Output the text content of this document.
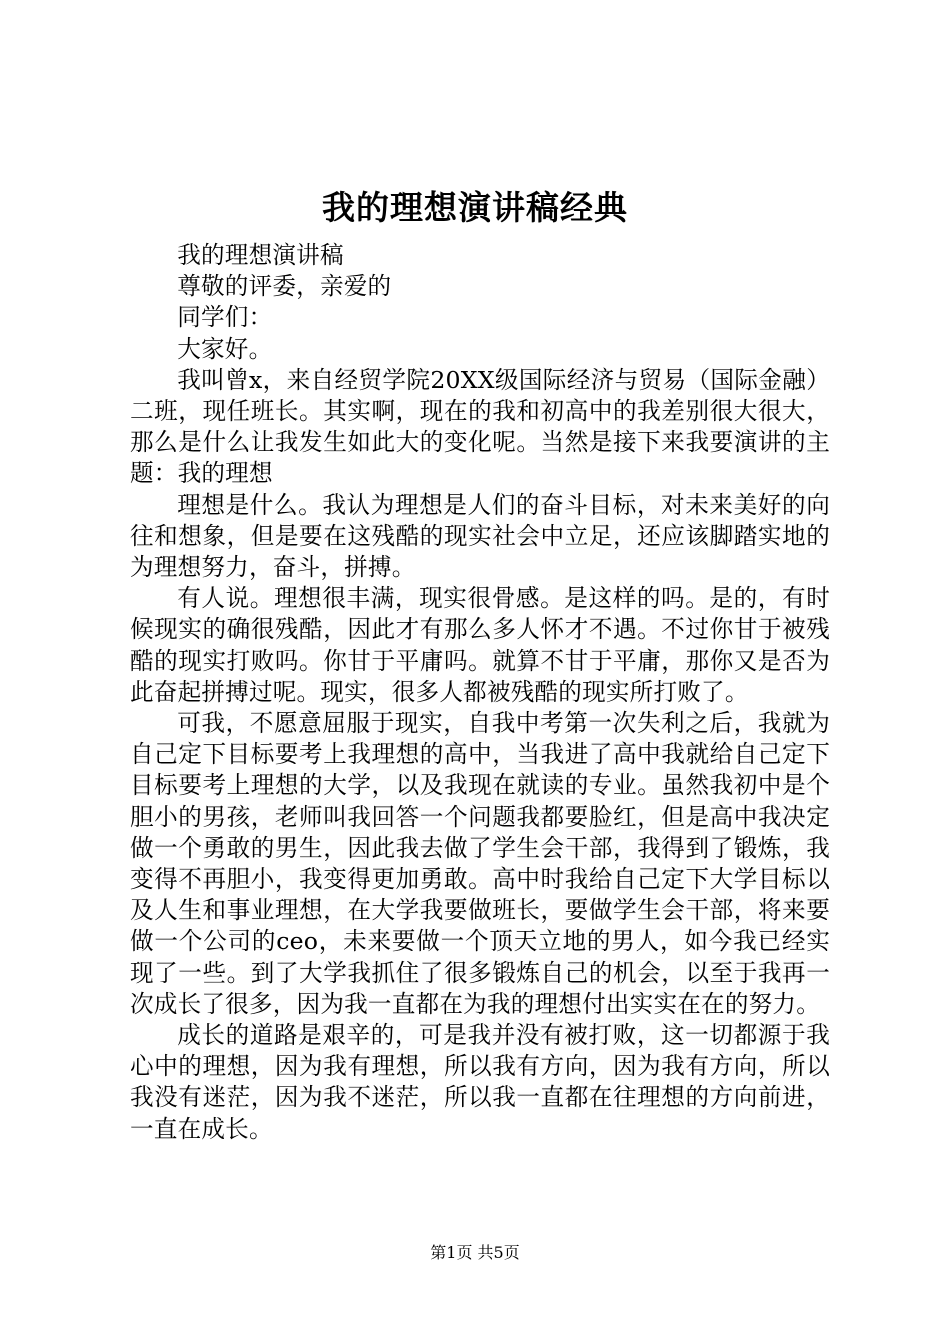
我的理想演讲稿经典

我的理想演讲稿

尊敬的评委，亲爱的

同学们：

大家好。

我叫曾x，来自经贸学院20XX级国际经济与贸易（国际金融）二班，现任班长。其实啊，现在的我和初高中的我差别很大很大，那么是什么让我发生如此大的变化呢。当然是接下来我要演讲的主题：我的理想

理想是什么。我认为理想是人们的奋斗目标，对未来美好的向往和想象，但是要在这残酷的现实社会中立足，还应该脚踏实地的为理想努力，奋斗，拼搏。

有人说。理想很丰满，现实很骨感。是这样的吗。是的，有时候现实的确很残酷，因此才有那么多人怀才不遇。不过你甘于被残酷的现实打败吗。你甘于平庸吗。就算不甘于平庸，那你又是否为此奋起拼搏过呢。现实，很多人都被残酷的现实所打败了。

可我，不愿意屈服于现实，自我中考第一次失利之后，我就为自己定下目标要考上我理想的高中，当我进了高中我就给自己定下目标要考上理想的大学，以及我现在就读的专业。虽然我初中是个胆小的男孩，老师叫我回答一个问题我都要脸红，但是高中我决定做一个勇敢的男生，因此我去做了学生会干部，我得到了锻炼，我变得不再胆小，我变得更加勇敢。高中时我给自己定下大学目标以及人生和事业理想，在大学我要做班长，要做学生会干部，将来要做一个公司的ceo，未来要做一个顶天立地的男人，如今我已经实现了一些。到了大学我抓住了很多锻炼自己的机会，以至于我再一次成长了很多，因为我一直都在为我的理想付出实实在在的努力。

成长的道路是艰辛的，可是我并没有被打败，这一切都源于我心中的理想，因为我有理想，所以我有方向，因为我有方向，所以我没有迷茫，因为我不迷茫，所以我一直都在往理想的方向前进，一直在成长。

第1页 共5页
